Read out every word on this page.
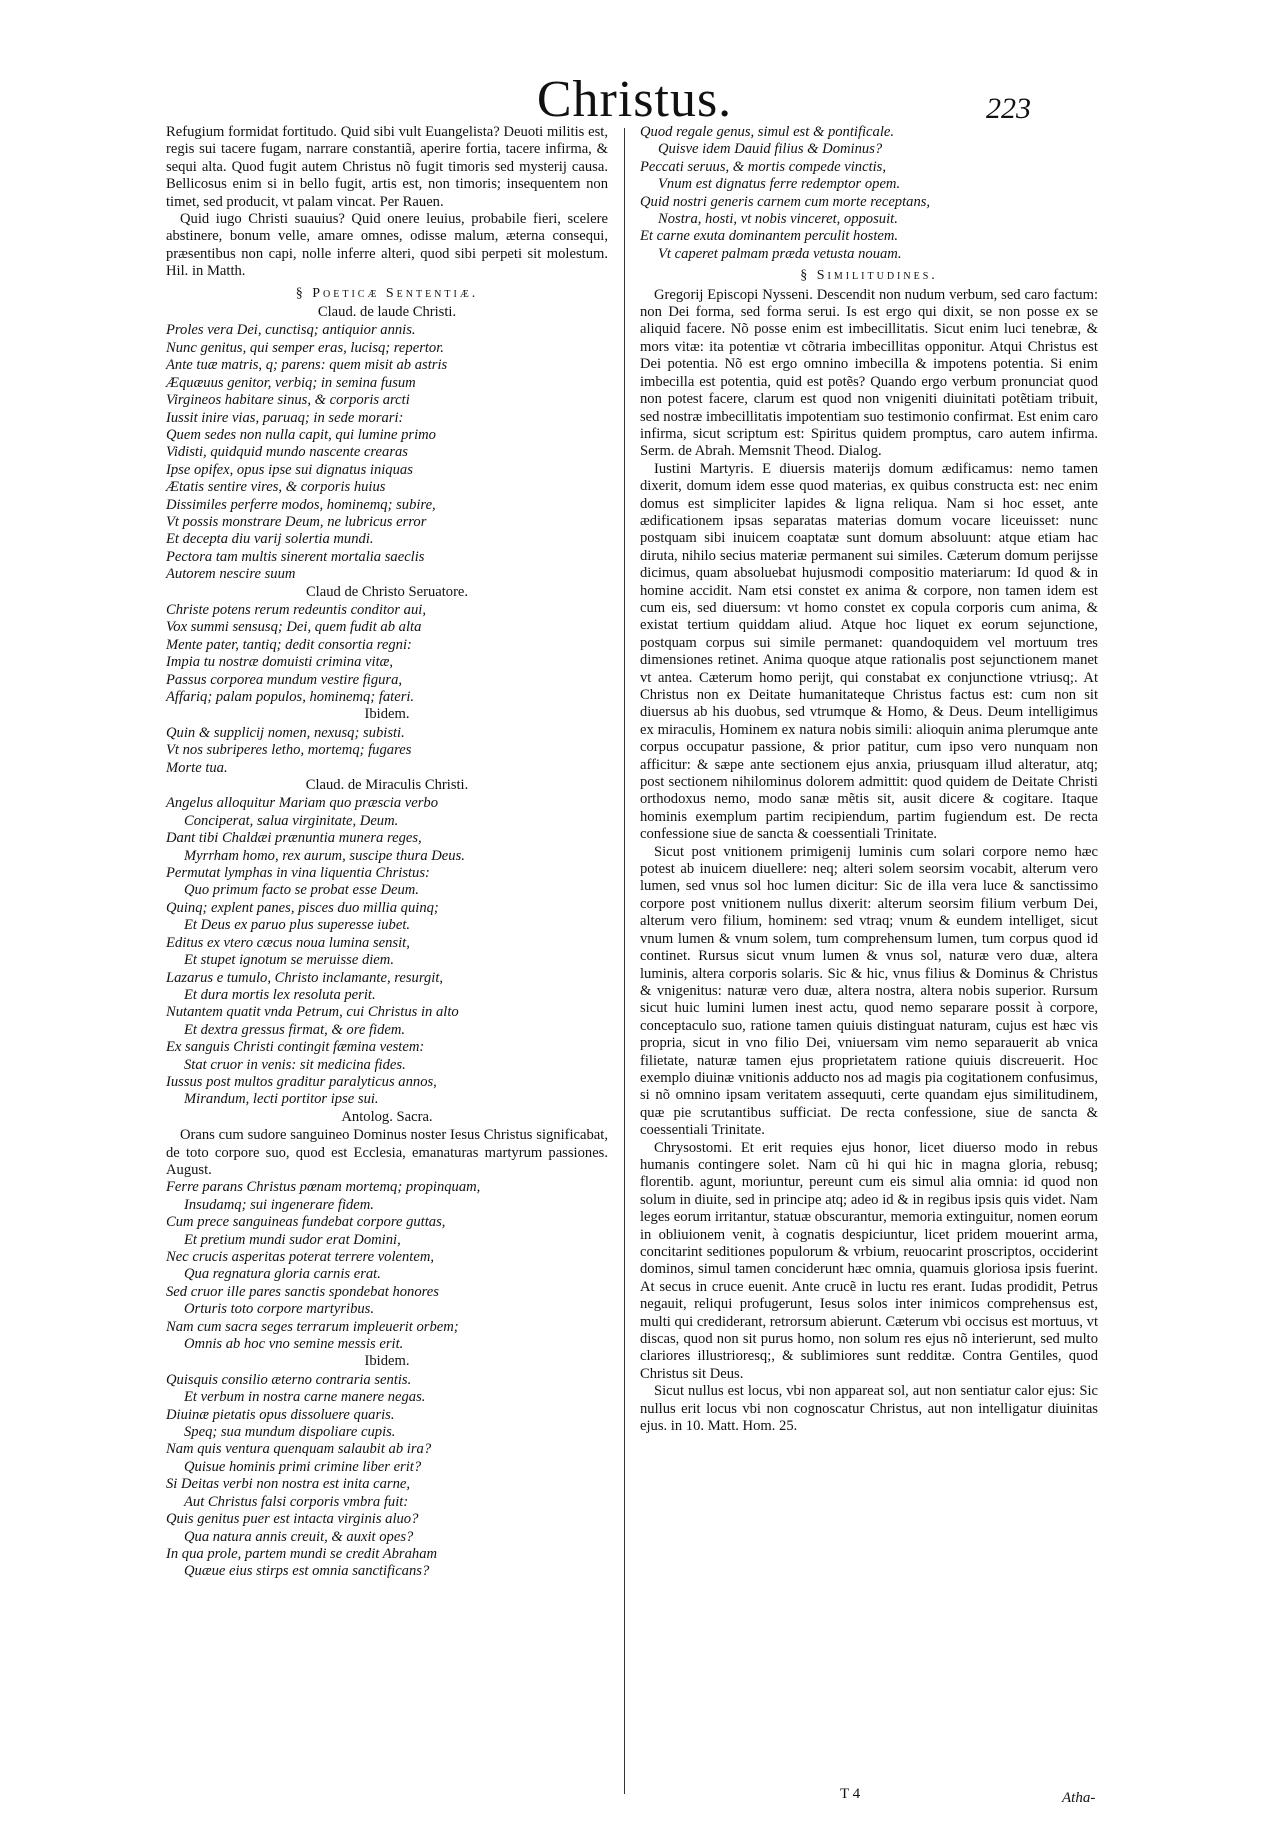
Christus.	223

Refugium formidat fortitudo. Quid sibi vult Euangelista? Deuoti militis est, regis sui tacere fugam, narrare constantiã, aperire fortia, tacere infirma, & sequi alta. Quod fugit autem Christus nõ fugit timoris sed mysterij causa. Bellicosus enim si in bello fugit, artis est, non timoris; insequentem non timet, sed producit, vt palam vincat. Per Rauen.

Quid iugo Christi suauius? Quid onere leuius, probabile fieri, scelere abstinere, bonum velle, amare omnes, odisse malum, æterna consequi, præsentibus non capi, nolle inferre alteri, quod sibi perpeti sit molestum. Hil. in Matth.

§ Poeticæ Sententiæ.
Claud. de laude Christi.
Proles vera Dei, cunctisq; antiquior annis.
Nunc genitus, qui semper eras, lucisq; repertor.
Ante tuæ matris, q; parens: quem misit ab astris
Æquæuus genitor, verbiq; in semina fusum
Virgineos habitare sinus, & corporis arcti
Iussit inire vias, paruaq; in sede morari:
Quem sedes non nulla capit, qui lumine primo
Vidisti, quidquid mundo nascente crearas
Ipse opifex, opus ipse sui dignatus iniquas
Ætatis sentire vires, & corporis huius
Dissimiles perferre modos, hominemq; subire,
Vt possis monstrare Deum, ne lubricus error
Et decepta diu varij solertia mundi.
Pectora tam multis sinerent mortalia saeclis
Autorem nescire suum
Claud de Christo Seruatore.
Christe potens rerum redeuntis conditor aui,
Vox summi sensusq; Dei, quem fudit ab alta
Mente pater, tantiq; dedit consortia regni:
Impia tu nostræ domuisti crimina vitæ,
Passus corporea mundum vestire figura,
Affariq; palam populos, hominemq; fateri.
Ibidem.
Quin & supplicij nomen, nexusq; subisti.
Vt nos subriperes letho, mortemq; fugares
Morte tua.
Claud. de Miraculis Christi.
Angelus alloquitur Mariam quo præscia verbo
Conciperat, salua virginitate, Deum.
Dant tibi Chaldæi prænuntia munera reges,
Myrrham homo, rex aurum, suscipe thura Deus.
Permutat lymphas in vina liquentia Christus:
Quo primum facto se probat esse Deum.
Quinq; explent panes, pisces duo millia quinq;
Et Deus ex paruo plus superesse iubet.
Editus ex vtero cæcus noua lumina sensit,
Et stupet ignotum se meruisse diem.
Lazarus e tumulo, Christo inclamante, resurgit,
Et dura mortis lex resoluta perit.
Nutantem quatit vnda Petrum, cui Christus in alto
Et dextra gressus firmat, & ore fidem.
Ex sanguis Christi contingit fæmina vestem:
Stat cruor in venis: sit medicina fides.
Iussus post multos graditur paralyticus annos,
Mirandum, lecti portitor ipse sui.
Antolog. Sacra.

Orans cum sudore sanguineo Dominus noster Iesus Christus significabat, de toto corpore suo, quod est Ecclesia, emanaturas martyrum passiones. August.

Ferre parans Christus pœnam mortemq; propinquam,
Insudamq; sui ingenerare fidem.
Cum prece sanguineas fundebat corpore guttas,
Et pretium mundi sudor erat Domini,
Nec crucis asperitas poterat terrere volentem,
Qua regnatura gloria carnis erat.
Sed cruor ille pares sanctis spondebat honores
Orturis toto corpore martyribus.
Nam cum sacra seges terrarum impleuerit orbem;
Omnis ab hoc vno semine messis erit.
Ibidem.
Quisquis consilio æterno contraria sentis.
Et verbum in nostra carne manere negas.
Diuinæ pietatis opus dissoluere quaris.
Speq; sua mundum dispoliare cupis.
Nam quis ventura quenquam salaubit ab ira?
Quisue hominis primi crimine liber erit?
Si Deitas verbi non nostra est inita carne,
Aut Christus falsi corporis vmbra fuit:
Quis genitus puer est intacta virginis aluo?
Qua natura annis creuit, & auxit opes?
In qua prole, partem mundi se credit Abraham
Quæue eius stirps est omnia sanctificans?
Quod regale genus, simul est & pontificale.
Quisve idem Dauid filius & Dominus?
Peccati seruus, & mortis compede vinctis,
Vnum est dignatus ferre redemptor opem.
Quid nostri generis carnem cum morte receptans,
Nostra, hosti, vt nobis vinceret, opposuit.
Et carne exuta dominantem perculit hostem.
Vt caperet palmam præda vetusta nouam.
§ Similitudines.

Gregorij Episcopi Nysseni. Descendit non nudum verbum, sed caro factum: non Dei forma, sed forma serui. Is est ergo qui dixit, se non posse ex se aliquid facere. Nõ posse enim est imbecillitatis. Sicut enim luci tenebræ, & mors vitæ: ita potentiæ vt cõtraria imbecillitas opponitur. Atqui Christus est Dei potentia. Nõ est ergo omnino imbecilla & impotens potentia. Si enim imbecilla est potentia, quid est potẽs? Quando ergo verbum pronunciat quod non potest facere, clarum est quod non vnigeniti diuinitati potẽtiam tribuit, sed nostræ imbecillitatis impotentiam suo testimonio confirmat. Est enim caro infirma, sicut scriptum est: Spiritus quidem promptus, caro autem infirma. Serm. de Abrah. Memsnit Theod. Dialog.

Iustini Martyris. E diuersis materijs domum ædificamus: nemo tamen dixerit, domum idem esse quod materias, ex quibus constructa est: nec enim domus est simpliciter lapides & ligna reliqua. Nam si hoc esset, ante ædificationem ipsas separatas materias domum vocare liceuisset: nunc postquam sibi inuicem coaptatæ sunt domum absoluunt: atque etiam hac diruta, nihilo secius materiæ permanent sui similes. Cæterum domum perijsse dicimus, quam absoluebat hujusmodi compositio materiarum: Id quod & in homine accidit. Nam etsi constet ex anima & corpore, non tamen idem est cum eis, sed diuersum: vt homo constet ex copula corporis cum anima, & existat tertium quiddam aliud. Atque hoc liquet ex eorum sejunctione, postquam corpus sui simile permanet: quandoquidem vel mortuum tres dimensiones retinet. Anima quoque atque rationalis post sejunctionem manet vt antea. Cæterum homo perijt, qui constabat ex conjunctione vtriusq;. At Christus non ex Deitate humanitateque Christus factus est: cum non sit diuersus ab his duobus, sed vtrumque & Homo, & Deus. Deum intelligimus ex miraculis, Hominem ex natura nobis simili: alioquin anima plerumque ante corpus occupatur passione, & prior patitur, cum ipso vero nunquam non afficitur: & sæpe ante sectionem ejus anxia, priusquam illud alteratur, atq; post sectionem nihilominus dolorem admittit: quod quidem de Deitate Christi orthodoxus nemo, modo sanæ mẽtis sit, ausit dicere & cogitare. Itaque hominis exemplum partim recipiendum, partim fugiendum est. De recta confessione siue de sancta & coessentiali Trinitate.

Sicut post vnitionem primigenij luminis cum solari corpore nemo hæc potest ab inuicem diuellere: neq; alteri solem seorsim vocabit, alterum vero lumen, sed vnus sol hoc lumen dicitur: Sic de illa vera luce & sanctissimo corpore post vnitionem nullus dixerit: alterum seorsim filium verbum Dei, alterum vero filium, hominem: sed vtraq; vnum & eundem intelliget, sicut vnum lumen & vnum solem, tum comprehensum lumen, tum corpus quod id continet. Rursus sicut vnum lumen & vnus sol, naturæ vero duæ, altera luminis, altera corporis solaris. Sic & hic, vnus filius & Dominus & Christus & vnigenitus: naturæ vero duæ, altera nostra, altera nobis superior. Rursum sicut huic lumini lumen inest actu, quod nemo separare possit à corpore, conceptaculo suo, ratione tamen quiuis distinguat naturam, cujus est hæc vis propria, sicut in vno filio Dei, vniuersam vim nemo separauerit ab vnica filietate, naturæ tamen ejus proprietatem ratione quiuis discreuerit. Hoc exemplo diuinæ vnitionis adducto nos ad magis pia cogitationem confusimus, si nõ omnino ipsam veritatem assequuti, certe quandam ejus similitudinem, quæ pie scrutantibus sufficiat. De recta confessione, siue de sancta & coessentiali Trinitate.

Chrysostomi. Et erit requies ejus honor, licet diuerso modo in rebus humanis contingere solet. Nam cũ hi qui hic in magna gloria, rebusq; florentib. agunt, moriuntur, pereunt cum eis simul alia omnia: id quod non solum in diuite, sed in principe atq; adeo id & in regibus ipsis quis videt. Nam leges eorum irritantur, statuæ obscurantur, memoria extinguitur, nomen eorum in obliuionem venit, à cognatis despiciuntur, licet pridem mouerint arma, concitarint seditiones populorum & vrbium, reuocarint proscriptos, occiderint dominos, simul tamen conciderunt hæc omnia, quamuis gloriosa ipsis fuerint. At secus in cruce euenit. Ante crucẽ in luctu res erant. Iudas prodidit, Petrus negauit, reliqui profugerunt, Iesus solos inter inimicos comprehensus est, multi qui crediderant, retrorsum abierunt. Cæterum vbi occisus est mortuus, vt discas, quod non sit purus homo, non solum res ejus nõ interierunt, sed multo clariores illustrioresq;, & sublimiores sunt redditæ. Contra Gentiles, quod Christus sit Deus.

Sicut nullus est locus, vbi non appareat sol, aut non sentiatur calor ejus: Sic nullus erit locus vbi non cognoscatur Christus, aut non intelligatur diuinitas ejus. in 10. Matt. Hom. 25.

T 4	Atha-
